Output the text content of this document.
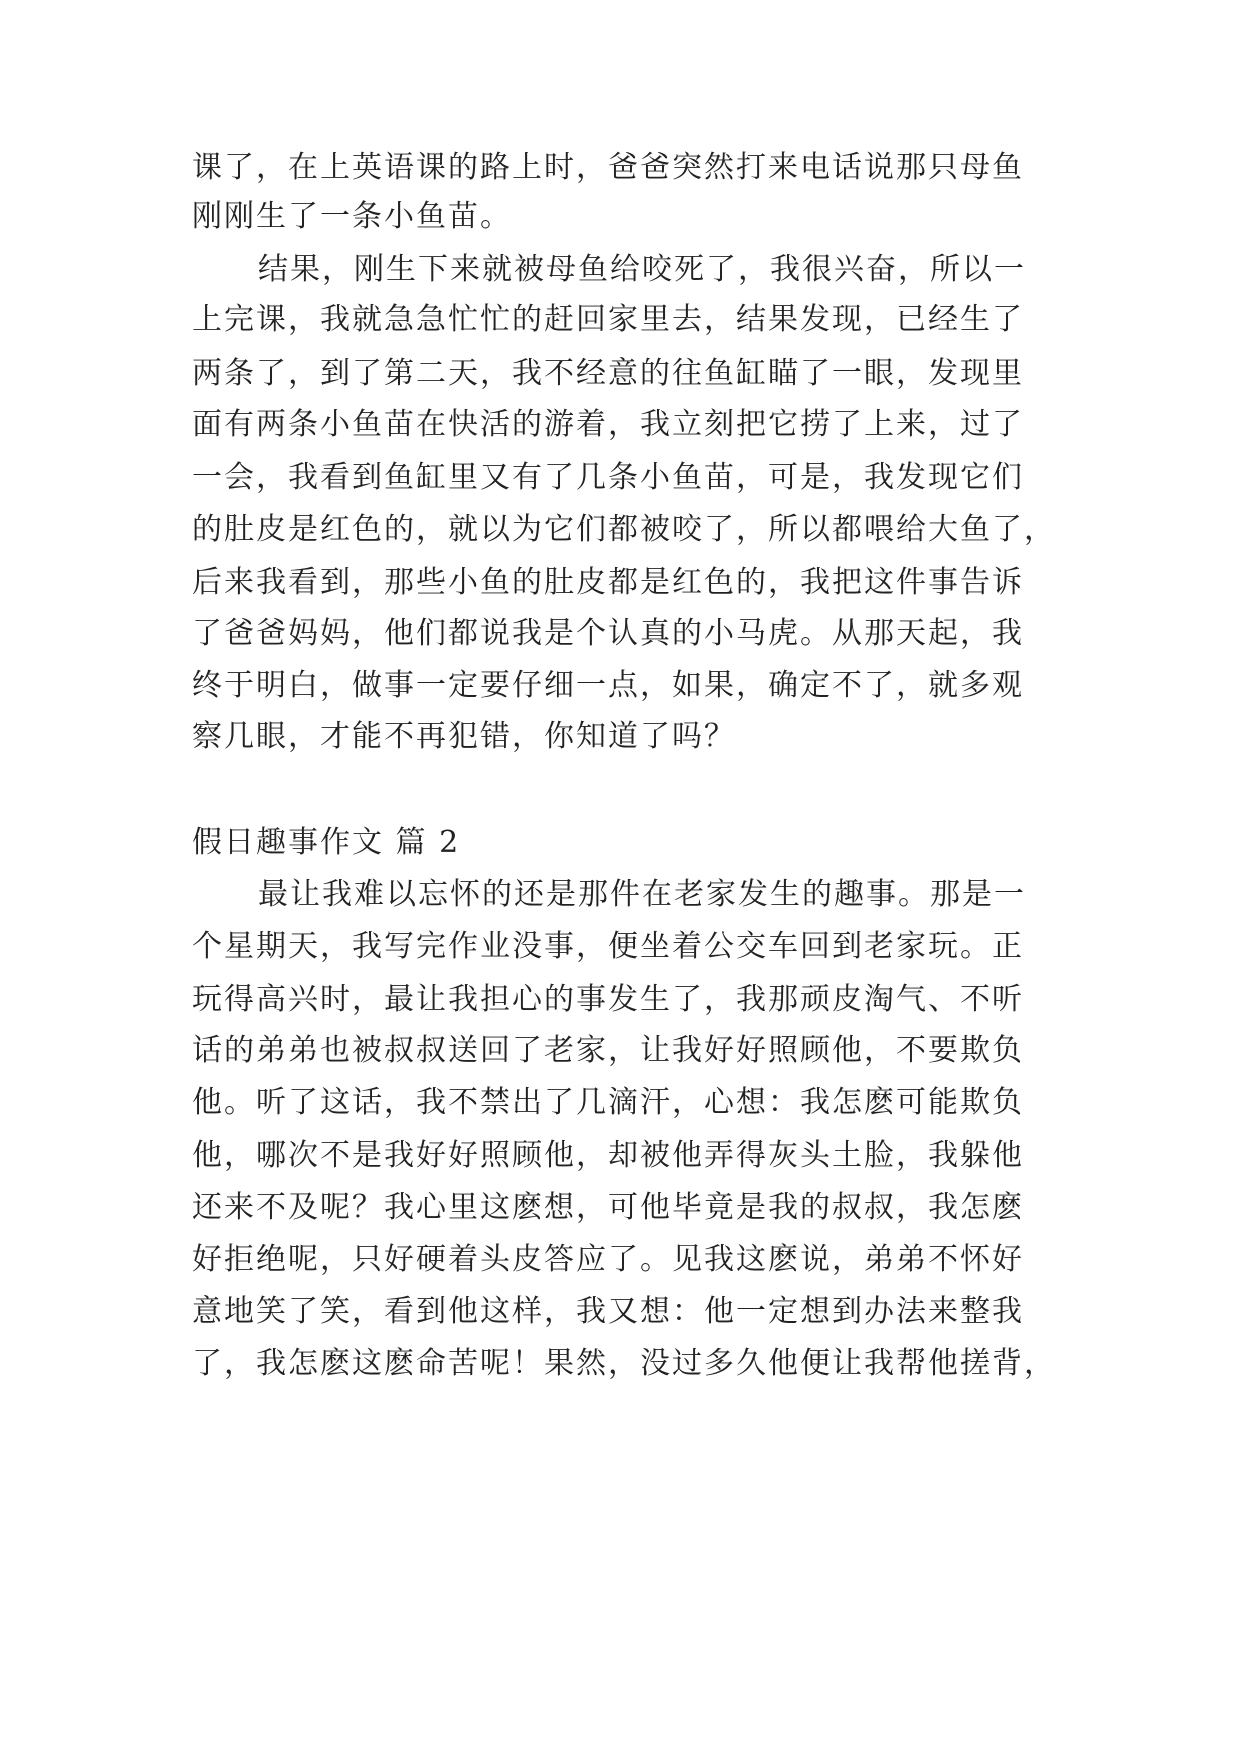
课了，在上英语课的路上时，爸爸突然打来电话说那只母鱼
刚刚生了一条小鱼苗。
结果，刚生下来就被母鱼给咬死了，我很兴奋，所以一
上完课，我就急急忙忙的赶回家里去，结果发现，已经生了
两条了，到了第二天，我不经意的往鱼缸瞄了一眼，发现里
面有两条小鱼苗在快活的游着，我立刻把它捞了上来，过了
一会，我看到鱼缸里又有了几条小鱼苗，可是，我发现它们
的肚皮是红色的，就以为它们都被咬了，所以都喂给大鱼了，
后来我看到，那些小鱼的肚皮都是红色的，我把这件事告诉
了爸爸妈妈，他们都说我是个认真的小马虎。从那天起，我
终于明白，做事一定要仔细一点，如果，确定不了，就多观
察几眼，才能不再犯错，你知道了吗？
假日趣事作文 篇 2
最让我难以忘怀的还是那件在老家发生的趣事。那是一
个星期天，我写完作业没事，便坐着公交车回到老家玩。正
玩得高兴时，最让我担心的事发生了，我那顽皮淘气、不听
话的弟弟也被叔叔送回了老家，让我好好照顾他，不要欺负
他。听了这话，我不禁出了几滴汗，心想：我怎麽可能欺负
他，哪次不是我好好照顾他，却被他弄得灰头土脸，我躲他
还来不及呢？我心里这麽想，可他毕竟是我的叔叔，我怎麽
好拒绝呢，只好硬着头皮答应了。见我这麽说，弟弟不怀好
意地笑了笑，看到他这样，我又想：他一定想到办法来整我
了，我怎麽这麽命苦呢！果然，没过多久他便让我帮他搓背，
